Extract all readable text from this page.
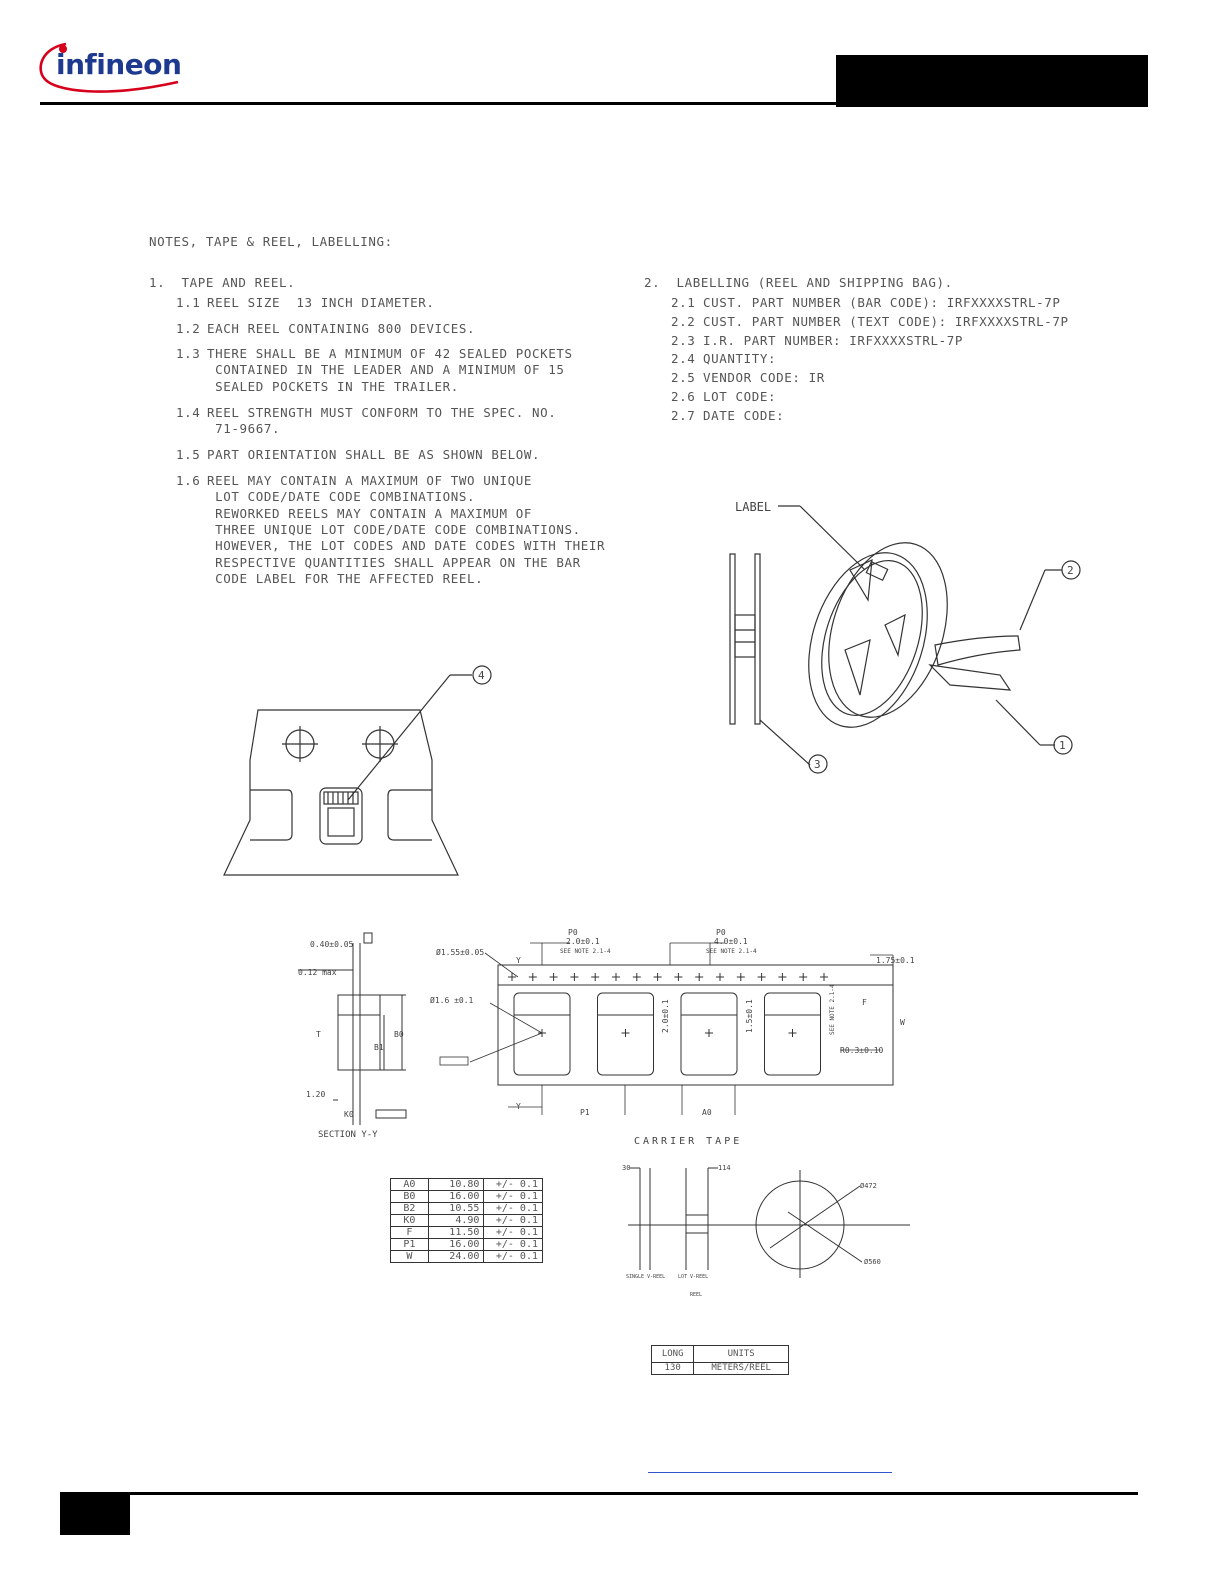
infineon
NOTES, TAPE & REEL, LABELLING:
1.  TAPE AND REEL.	2.  LABELLING (REEL AND SHIPPING BAG).
1.1 REEL SIZE  13 INCH DIAMETER.
1.2 EACH REEL CONTAINING 800 DEVICES.
1.3 THERE SHALL BE A MINIMUM OF 42 SEALED POCKETS
CONTAINED IN THE LEADER AND A MINIMUM OF 15
SEALED POCKETS IN THE TRAILER.
1.4 REEL STRENGTH MUST CONFORM TO THE SPEC. NO.
71-9667.
1.5 PART ORIENTATION SHALL BE AS SHOWN BELOW.
1.6 REEL MAY CONTAIN A MAXIMUM OF TWO UNIQUE
LOT CODE/DATE CODE COMBINATIONS.
REWORKED REELS MAY CONTAIN A MAXIMUM OF
THREE UNIQUE LOT CODE/DATE CODE COMBINATIONS.
HOWEVER, THE LOT CODES AND DATE CODES WITH THEIR
RESPECTIVE QUANTITIES SHALL APPEAR ON THE BAR
CODE LABEL FOR THE AFFECTED REEL.
2.1 CUST. PART NUMBER (BAR CODE): IRFXXXXSTRL-7P
2.2 CUST. PART NUMBER (TEXT CODE): IRFXXXXSTRL-7P
2.3 I.R. PART NUMBER: IRFXXXXSTRL-7P
2.4 QUANTITY:
2.5 VENDOR CODE: IR
2.6 LOT CODE:
2.7 DATE CODE:
LABEL
2
1
3
4
0.40±0.05
0.12 max
T
B1
B0
1.20
K0
SECTION Y-Y
Ø1.55±0.05
Ø1.6 ±0.1
P0
2.0±0.1
SEE NOTE 2.1-4
P0
4.0±0.1
SEE NOTE 2.1-4
1.75±0.1
F
SEE NOTE 2.1-4	W
2.0±0.1	1.5±0.1
R0.3±0.10
Y
Y
P1	A0
CARRIER TAPE
A0	10.80	+/- 0.1
B0	16.00	+/- 0.1
B2	10.55	+/- 0.1
K0	4.90	+/- 0.1
F	11.50	+/- 0.1
P1	16.00	+/- 0.1
W	24.00	+/- 0.1
30	114
Ø472
Ø560
SINGLE V-REEL	LOT V-REEL
REEL
LONG	UNITS
130	METERS/REEL
